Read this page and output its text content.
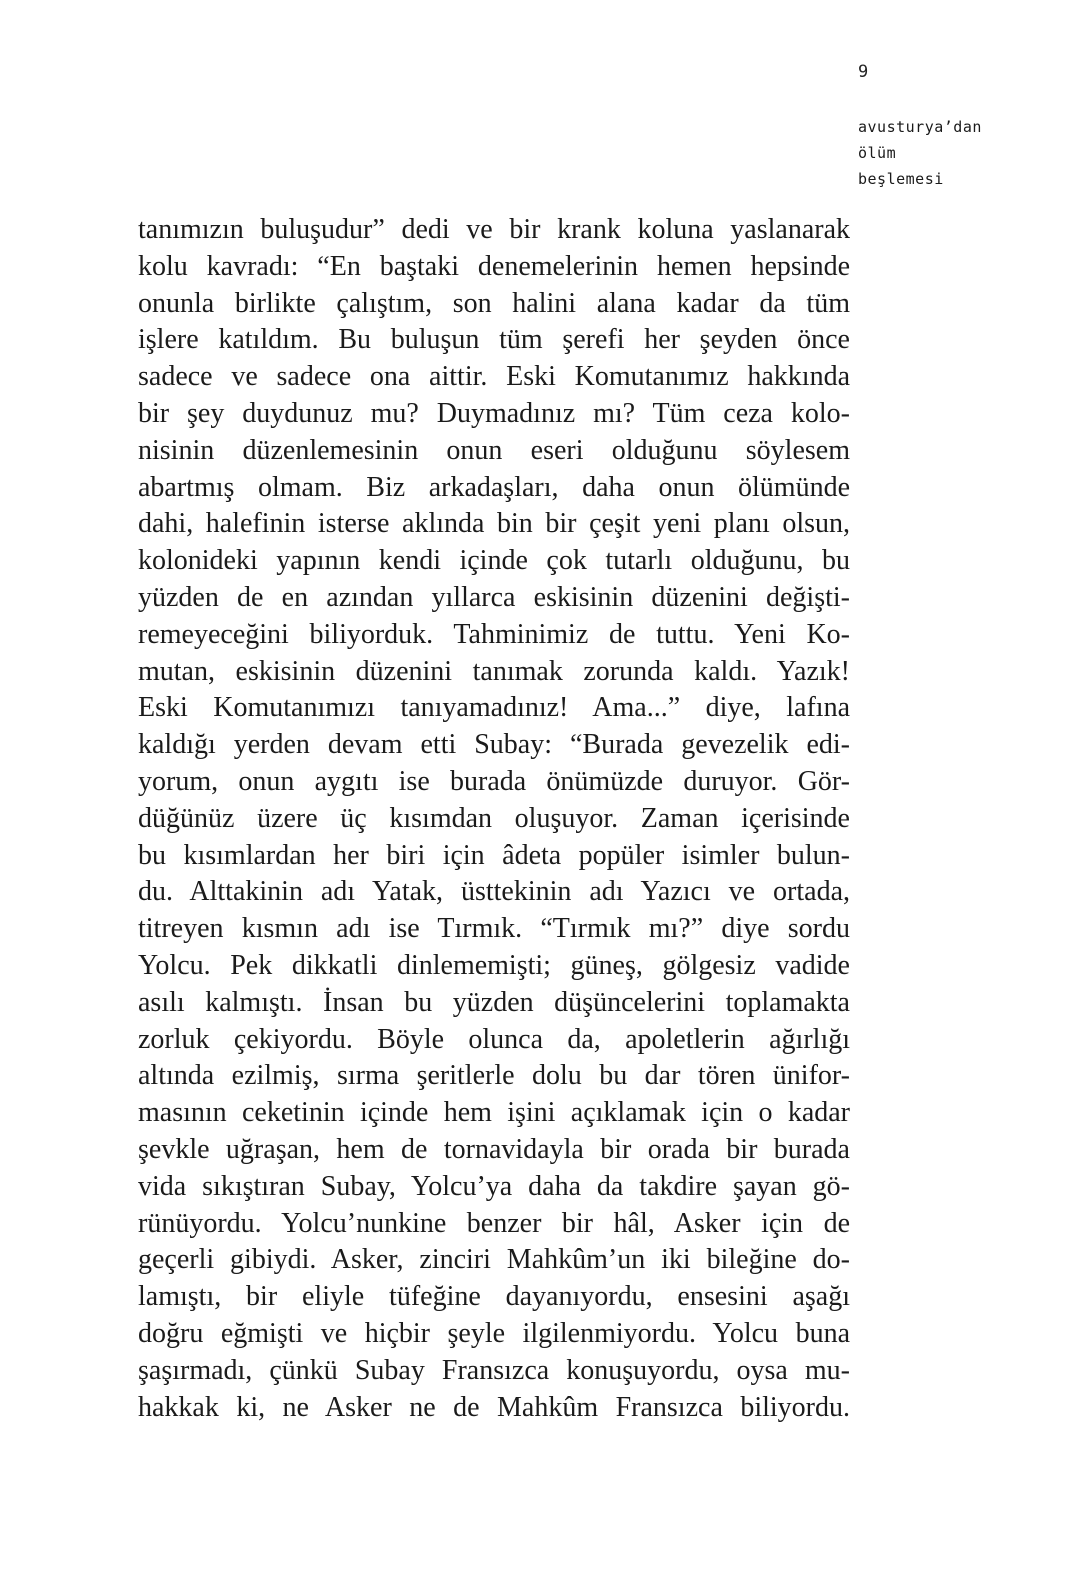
9
avusturya’dan
ölüm
beşlemesi
tanımızın buluşudur” dedi ve bir krank koluna yaslanarak
kolu kavradı: “En baştaki denemelerinin hemen hepsinde
onunla birlikte çalıştım, son halini alana kadar da tüm
işlere katıldım. Bu buluşun tüm şerefi her şeyden önce
sadece ve sadece ona aittir. Eski Komutanımız hakkında
bir şey duydunuz mu? Duymadınız mı? Tüm ceza kolo-
nisinin düzenlemesinin onun eseri olduğunu söylesem
abartmış olmam. Biz arkadaşları, daha onun ölümünde
dahi, halefinin isterse aklında bin bir çeşit yeni planı olsun,
kolonideki yapının kendi içinde çok tutarlı olduğunu, bu
yüzden de en azından yıllarca eskisinin düzenini değişti-
remeyeceğini biliyorduk. Tahminimiz de tuttu. Yeni Ko-
mutan, eskisinin düzenini tanımak zorunda kaldı. Yazık!
Eski Komutanımızı tanıyamadınız! Ama...” diye, lafına
kaldığı yerden devam etti Subay: “Burada gevezelik edi-
yorum, onun aygıtı ise burada önümüzde duruyor. Gör-
düğünüz üzere üç kısımdan oluşuyor. Zaman içerisinde
bu kısımlardan her biri için âdeta popüler isimler bulun-
du. Alttakinin adı Yatak, üsttekinin adı Yazıcı ve ortada,
titreyen kısmın adı ise Tırmık. “Tırmık mı?” diye sordu
Yolcu. Pek dikkatli dinlememişti; güneş, gölgesiz vadide
asılı kalmıştı. İnsan bu yüzden düşüncelerini toplamakta
zorluk çekiyordu. Böyle olunca da, apoletlerin ağırlığı
altında ezilmiş, sırma şeritlerle dolu bu dar tören ünifor-
masının ceketinin içinde hem işini açıklamak için o kadar
şevkle uğraşan, hem de tornavidayla bir orada bir burada
vida sıkıştıran Subay, Yolcu’ya daha da takdire şayan gö-
rünüyordu. Yolcu’nunkine benzer bir hâl, Asker için de
geçerli gibiydi. Asker, zinciri Mahkûm’un iki bileğine do-
lamıştı, bir eliyle tüfeğine dayanıyordu, ensesini aşağı
doğru eğmişti ve hiçbir şeyle ilgilenmiyordu. Yolcu buna
şaşırmadı, çünkü Subay Fransızca konuşuyordu, oysa mu-
hakkak ki, ne Asker ne de Mahkûm Fransızca biliyordu.
